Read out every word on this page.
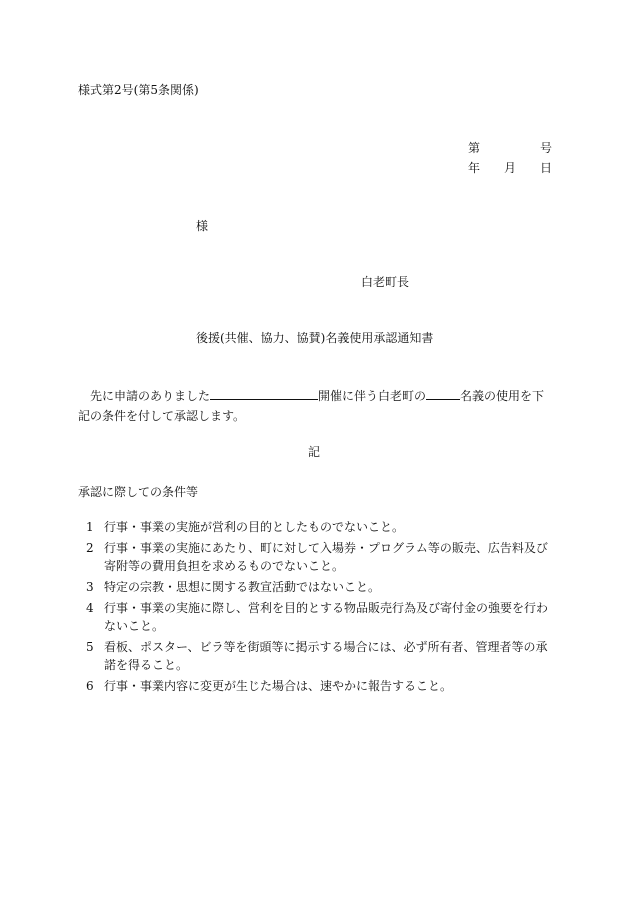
様式第2号(第5条関係)
第	号
年 月 日
様
白老町長
後援(共催、協力、協賛)名義使用承認通知書
先に申請のありました	開催に伴う白老町の	名義の使用を下記の条件を付して承認します。
記
承認に際しての条件等
1 行事・事業の実施が営利の目的としたものでないこと。
2 行事・事業の実施にあたり、町に対して入場券・プログラム等の販売、広告料及び寄附等の費用負担を求めるものでないこと。
3 特定の宗教・思想に関する教宣活動ではないこと。
4 行事・事業の実施に際し、営利を目的とする物品販売行為及び寄付金の強要を行わないこと。
5 看板、ポスター、ビラ等を街頭等に掲示する場合には、必ず所有者、管理者等の承諾を得ること。
6 行事・事業内容に変更が生じた場合は、速やかに報告すること。
